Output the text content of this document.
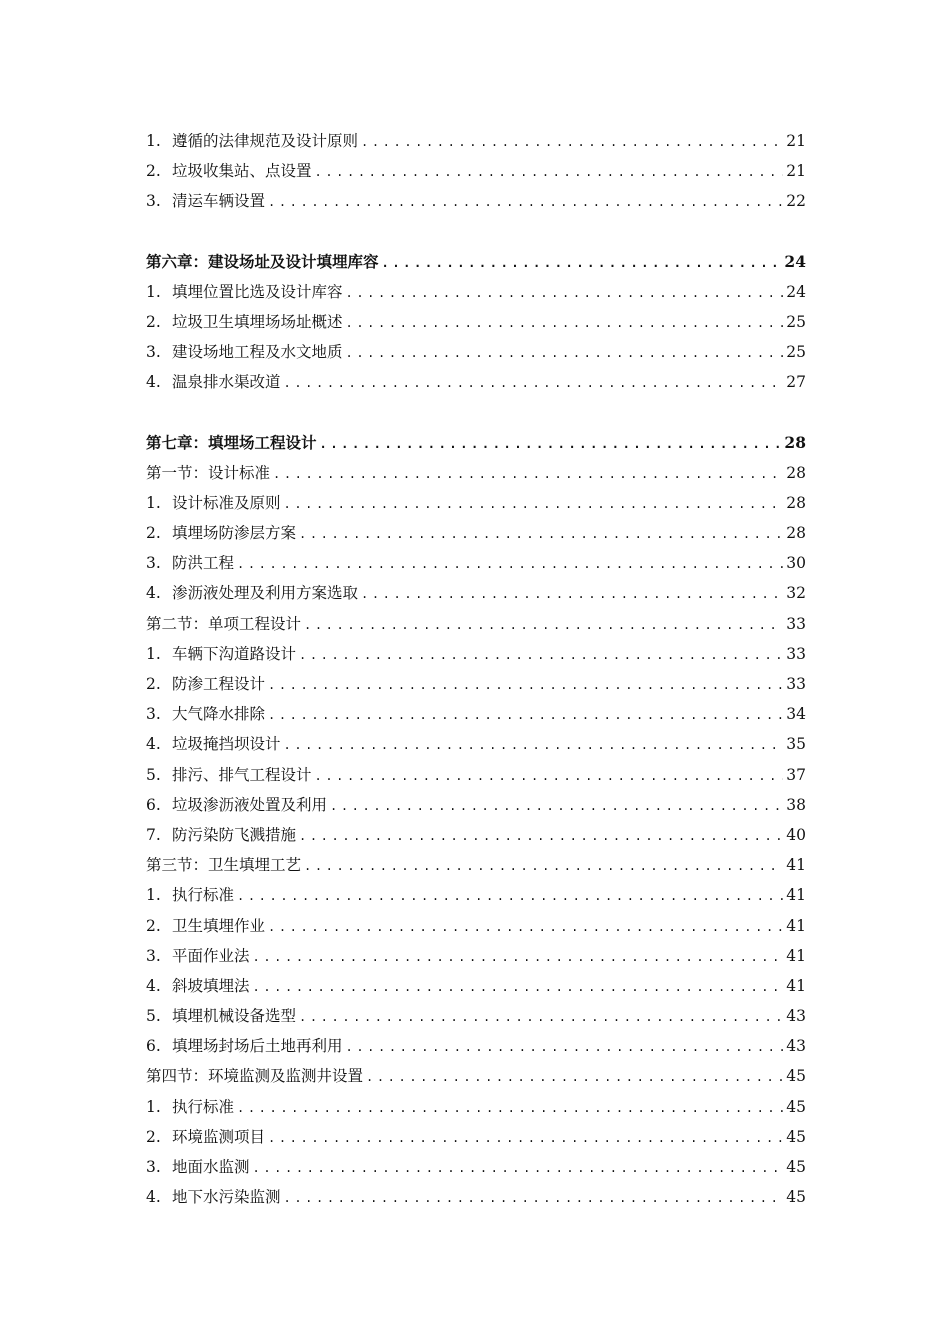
1. 遵循的法律规范及设计原则 .....	21
2. 垃圾收集站、点设置 .....	21
3. 清运车辆设置 .....	22
第六章：建设场址及设计填埋库容 .....	24
1. 填埋位置比选及设计库容 .....	24
2. 垃圾卫生填埋场场址概述 .....	25
3. 建设场地工程及水文地质 .....	25
4. 温泉排水渠改道 .....	27
第七章：填埋场工程设计 .....	28
第一节：设计标准 .....	28
1. 设计标准及原则 .....	28
2. 填埋场防渗层方案 .....	28
3. 防洪工程 .....	30
4. 渗沥液处理及利用方案选取 .....	32
第二节：单项工程设计 .....	33
1. 车辆下沟道路设计 .....	33
2. 防渗工程设计 .....	33
3. 大气降水排除 .....	34
4. 垃圾掩挡坝设计 .....	35
5. 排污、排气工程设计 .....	37
6. 垃圾渗沥液处置及利用 .....	38
7. 防污染防飞溅措施 .....	40
第三节：卫生填埋工艺 .....	41
1. 执行标准 .....	41
2. 卫生填埋作业 .....	41
3. 平面作业法 .....	41
4. 斜坡填埋法 .....	41
5. 填埋机械设备选型 .....	43
6. 填埋场封场后土地再利用 .....	43
第四节：环境监测及监测井设置 .....	45
1. 执行标准 .....	45
2. 环境监测项目 .....	45
3. 地面水监测 .....	45
4. 地下水污染监测 .....	45
